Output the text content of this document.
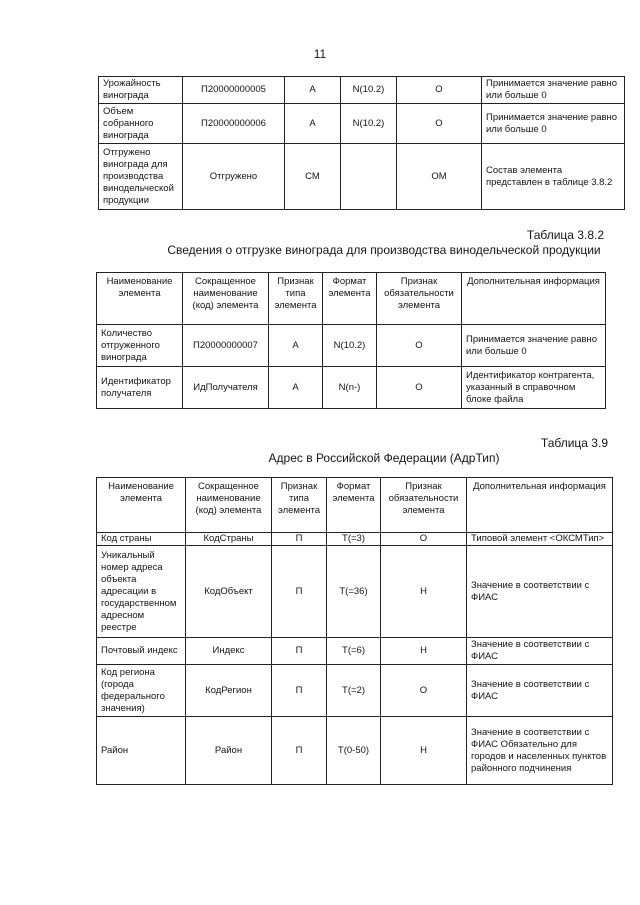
11
Урожайность винограда	П20000000005	А	N(10.2)	О	Принимается значение равно или больше 0
Объем собранного винограда	П20000000006	А	N(10.2)	О	Принимается значение равно или больше 0
Отгружено винограда для производства винодельческой продукции	Отгружено	СМ		ОМ	Состав элемента представлен в таблице 3.8.2
Таблица 3.8.2
Сведения о отгрузке винограда для производства винодельческой продукции
Наименование элемента	Сокращенное наименование (код) элемента	Признак типа элемента	Формат элемента	Признак обязательности элемента	Дополнительная информация
Количество отгруженного винограда	П20000000007	А	N(10.2)	О	Принимается значение равно или больше 0
Идентификатор получателя	ИдПолучателя	А	N(n-)	О	Идентификатор контрагента, указанный в справочном блоке файла
Таблица 3.9
Адрес в Российской Федерации (АдрТип)
Наименование элемента	Сокращенное наименование (код) элемента	Признак типа элемента	Формат элемента	Признак обязательности элемента	Дополнительная информация
Код страны	КодСтраны	П	T(=3)	О	Типовой элемент <ОКСМТип>
Уникальный номер адреса объекта адресации в государственном адресном реестре	КодОбъект	П	T(=36)	Н	Значение в соответствии с ФИАС
Почтовый индекс	Индекс	П	T(=6)	Н	Значение в соответствии с ФИАС
Код региона (города федерального значения)	КодРегион	П	T(=2)	О	Значение в соответствии с ФИАС
Район	Район	П	T(0-50)	Н	Значение в соответствии с ФИАС Обязательно для городов и населенных пунктов районного подчинения
